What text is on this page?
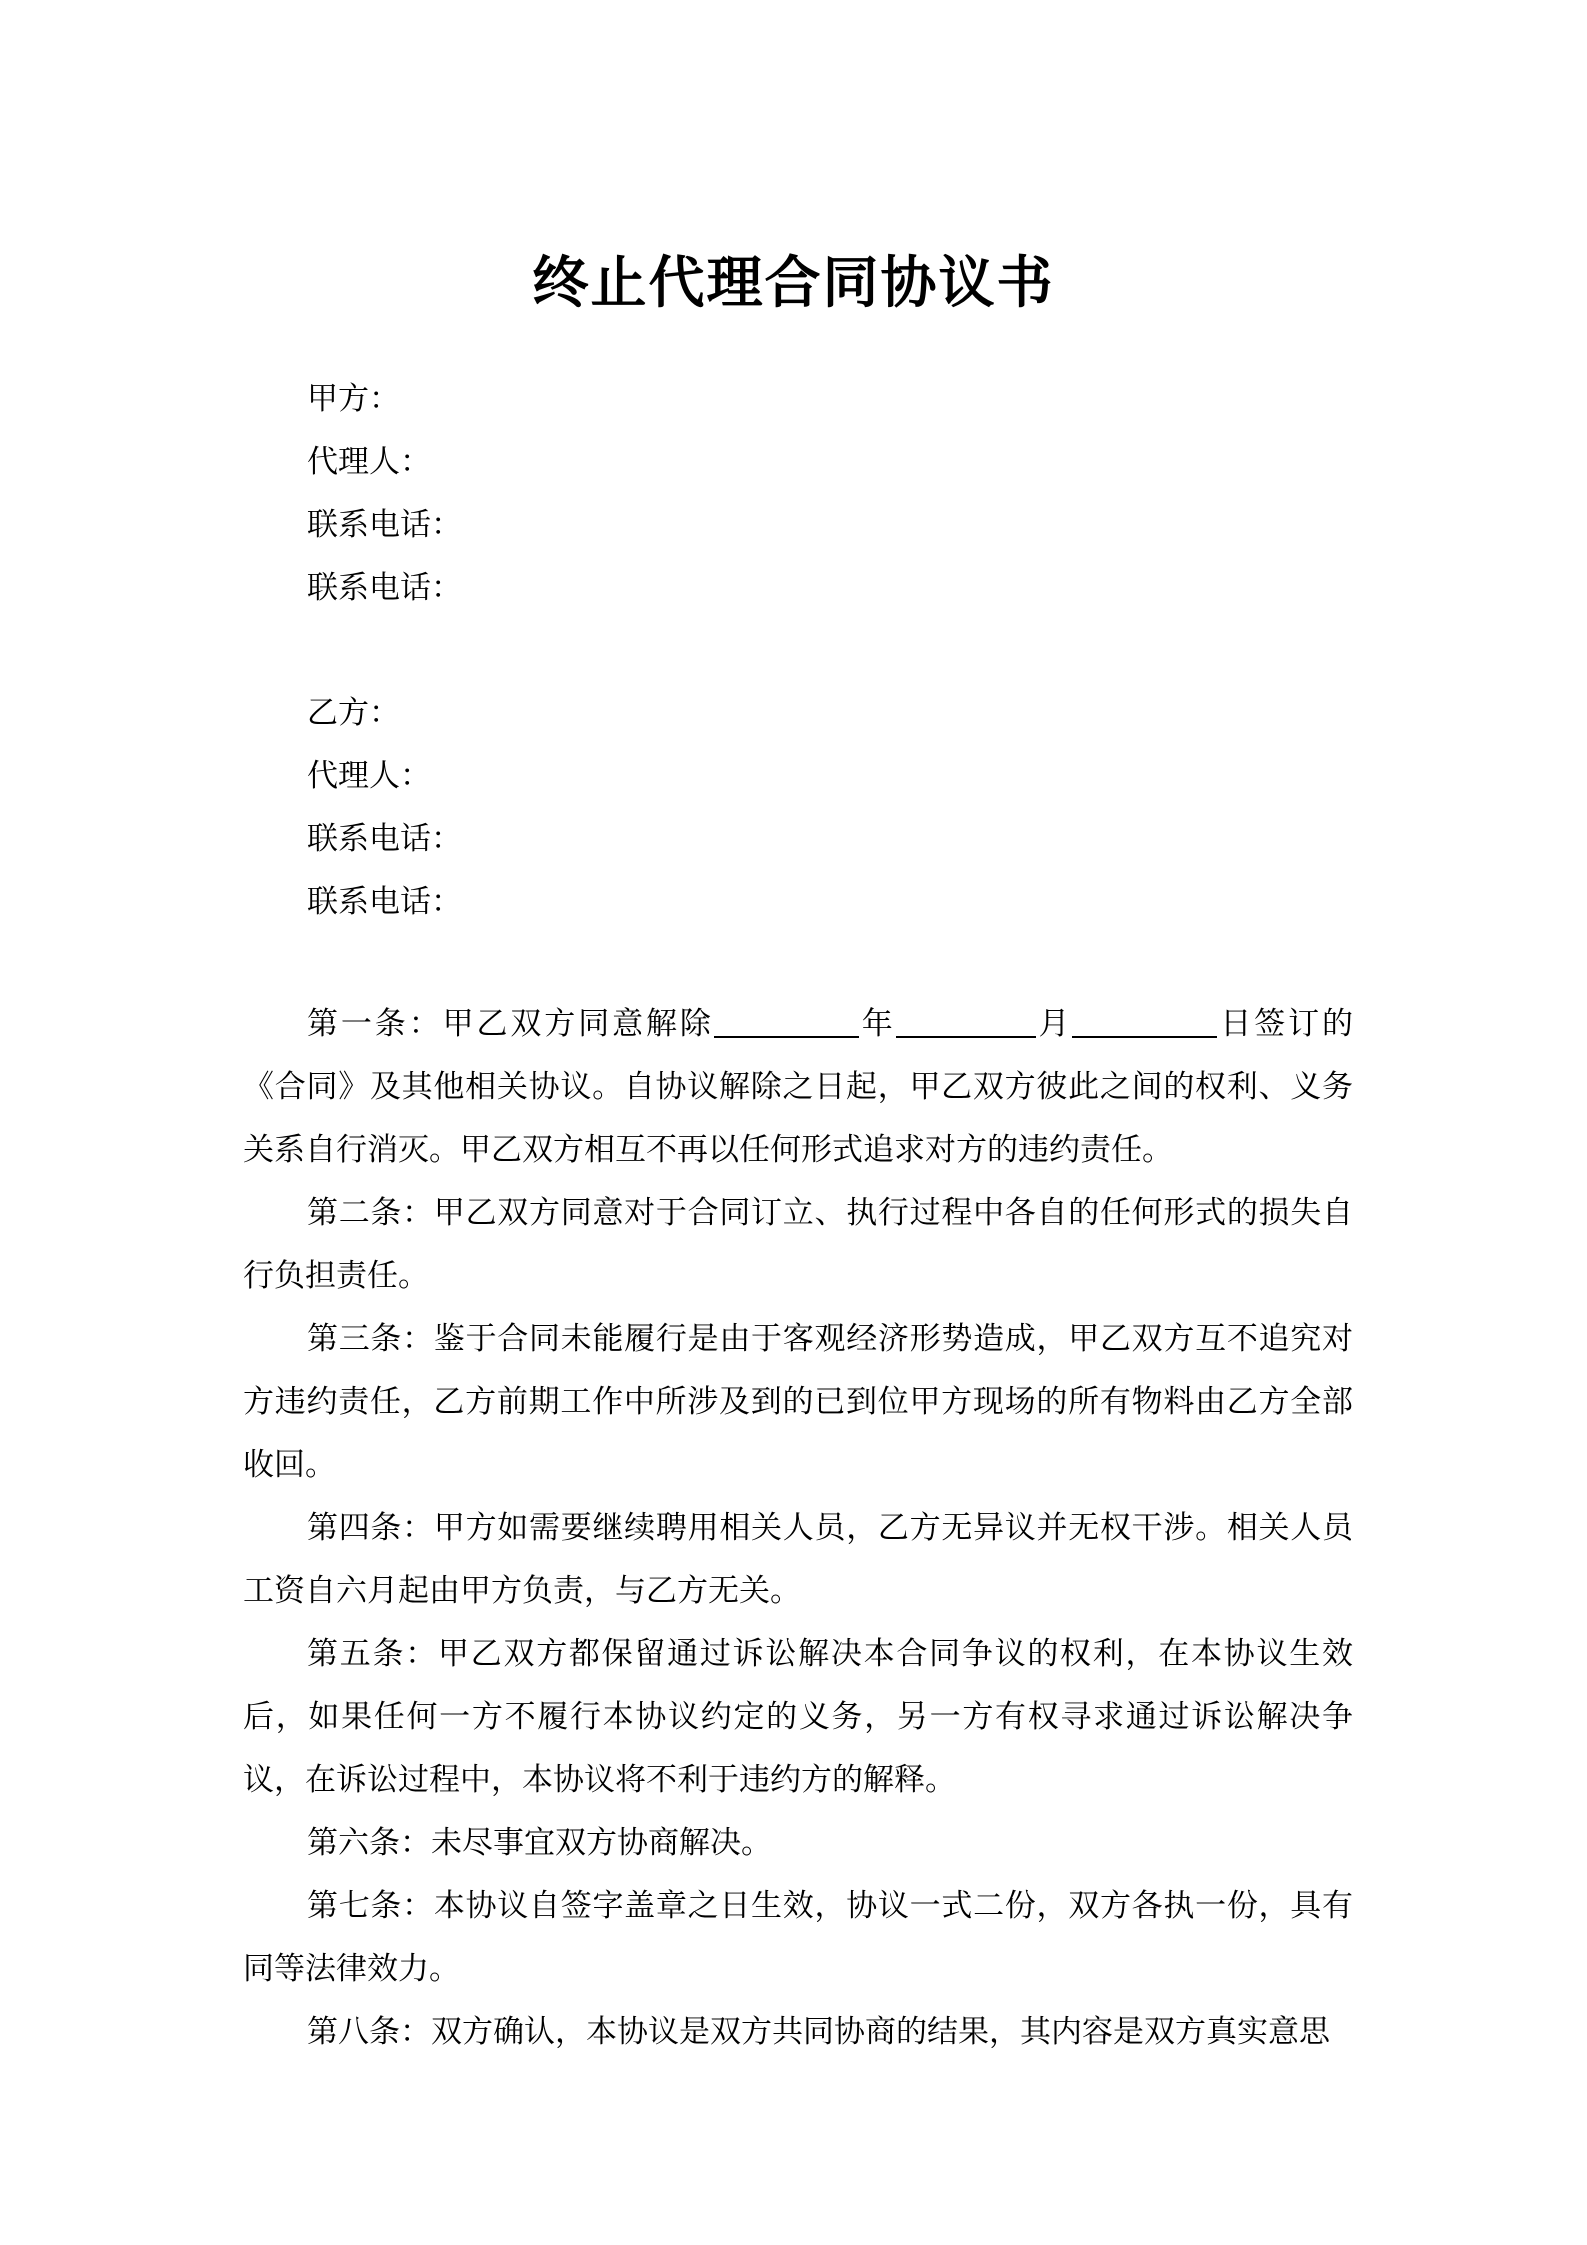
终止代理合同协议书
甲方：
代理人：
联系电话：
联系电话：
乙方：
代理人：
联系电话：
联系电话：

第一条：甲乙双方同意解除	年	月	日签订的《合同》及其他相关协议。自协议解除之日起，甲乙双方彼此之间的权利、义务关系自行消灭。甲乙双方相互不再以任何形式追求对方的违约责任。

第二条：甲乙双方同意对于合同订立、执行过程中各自的任何形式的损失自行负担责任。

第三条：鉴于合同未能履行是由于客观经济形势造成，甲乙双方互不追究对方违约责任，乙方前期工作中所涉及到的已到位甲方现场的所有物料由乙方全部收回。

第四条：甲方如需要继续聘用相关人员，乙方无异议并无权干涉。相关人员工资自六月起由甲方负责，与乙方无关。

第五条：甲乙双方都保留通过诉讼解决本合同争议的权利，在本协议生效后，如果任何一方不履行本协议约定的义务，另一方有权寻求通过诉讼解决争议，在诉讼过程中，本协议将不利于违约方的解释。

第六条：未尽事宜双方协商解决。

第七条：本协议自签字盖章之日生效，协议一式二份，双方各执一份，具有同等法律效力。

第八条：双方确认，本协议是双方共同协商的结果，其内容是双方真实意思
